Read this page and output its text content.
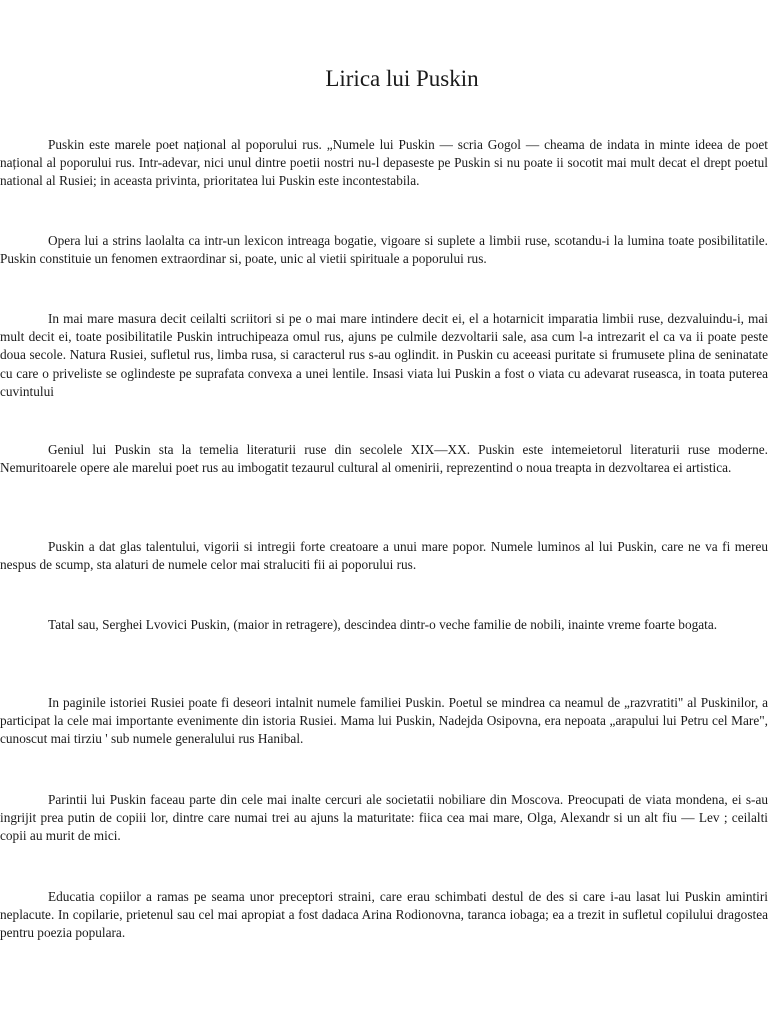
Lirica lui Puskin

Puskin este marele poet național al poporului rus. „Numele lui Puskin — scria Gogol — cheama de indata in minte ideea de poet național al poporului rus. Intr-adevar, nici unul dintre poetii nostri nu-l depaseste pe Puskin si nu poate ii socotit mai mult decat el drept poetul national al Rusiei; in aceasta privinta, prioritatea lui Puskin este incontestabila.

Opera lui a strins laolalta ca intr-un lexicon intreaga bogatie, vigoare si suplete a limbii ruse, scotandu-i la lumina toate posibilitatile. Puskin constituie un fenomen extraordinar si, poate, unic al vietii spirituale a poporului rus.

In mai mare masura decit ceilalti scriitori si pe o mai mare intindere decit ei, el a hotarnicit imparatia limbii ruse, dezvaluindu-i, mai mult decit ei, toate posibilitatile Puskin intruchipeaza omul rus, ajuns pe culmile dezvoltarii sale, asa cum l-a intrezarit el ca va ii poate peste doua secole. Natura Rusiei, sufletul rus, limba rusa, si caracterul rus s-au oglindit. in Puskin cu aceeasi puritate si frumusete plina de seninatate cu care o priveliste se oglindeste pe suprafata convexa a unei lentile. Insasi viata lui Puskin a fost o viata cu adevarat ruseasca, in toata puterea cuvintului

Geniul lui Puskin sta la temelia literaturii ruse din secolele XIX—XX. Puskin este intemeietorul literaturii ruse moderne. Nemuritoarele opere ale marelui poet rus au imbogatit tezaurul cultural al omenirii, reprezentind o noua treapta in dezvoltarea ei artistica.

Puskin a dat glas talentului, vigorii si intregii forte creatoare a unui mare popor. Numele luminos al lui Puskin, care ne va fi mereu nespus de scump, sta alaturi de numele celor mai straluciti fii ai poporului rus.

Tatal sau, Serghei Lvovici Puskin, (maior in retragere), descindea dintr-o veche familie de nobili, inainte vreme foarte bogata.

In paginile istoriei Rusiei poate fi deseori intalnit numele familiei Puskin. Poetul se mindrea ca neamul de „razvratiti" al Puskinilor, a participat la cele mai importante evenimente din istoria Rusiei. Mama lui Puskin, Nadejda Osipovna, era nepoata „arapului lui Petru cel Mare", cunoscut mai tirziu ' sub numele generalului rus Hanibal.

Parintii lui Puskin faceau parte din cele mai inalte cercuri ale societatii nobiliare din Moscova. Preocupati de viata mondena, ei s-au ingrijit prea putin de copiii lor, dintre care numai trei au ajuns la maturitate: fiica cea mai mare, Olga, Alexandr si un alt fiu — Lev ; ceilalti copii au murit de mici.

Educatia copiilor a ramas pe seama unor preceptori straini, care erau schimbati destul de des si care i-au lasat lui Puskin amintiri neplacute. In copilarie, prietenul sau cel mai apropiat a fost dadaca Arina Rodionovna, taranca iobaga; ea a trezit in sufletul copilului dragostea pentru poezia populara.
